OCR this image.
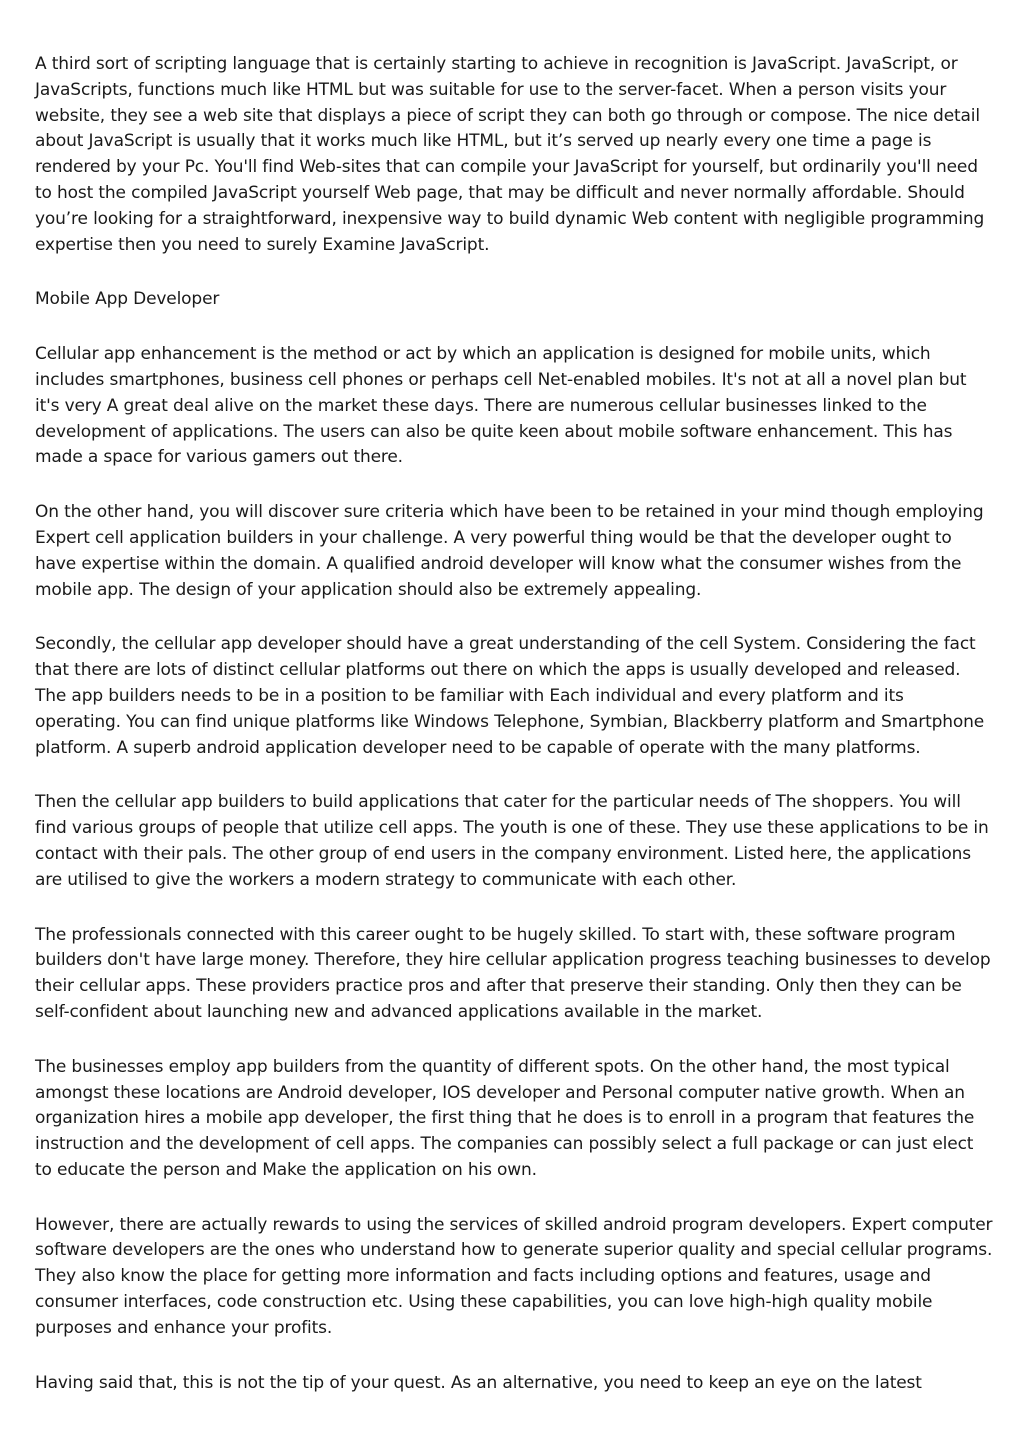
A third sort of scripting language that is certainly starting to achieve in recognition is JavaScript. JavaScript, or JavaScripts, functions much like HTML but was suitable for use to the server-facet. When a person visits your website, they see a web site that displays a piece of script they can both go through or compose. The nice detail about JavaScript is usually that it works much like HTML, but it’s served up nearly every one time a page is rendered by your Pc. You'll find Web-sites that can compile your JavaScript for yourself, but ordinarily you'll need to host the compiled JavaScript yourself Web page, that may be difficult and never normally affordable. Should you’re looking for a straightforward, inexpensive way to build dynamic Web content with negligible programming expertise then you need to surely Examine JavaScript.

Mobile App Developer

Cellular app enhancement is the method or act by which an application is designed for mobile units, which includes smartphones, business cell phones or perhaps cell Net-enabled mobiles. It's not at all a novel plan but it's very A great deal alive on the market these days. There are numerous cellular businesses linked to the development of applications. The users can also be quite keen about mobile software enhancement. This has made a space for various gamers out there.

On the other hand, you will discover sure criteria which have been to be retained in your mind though employing Expert cell application builders in your challenge. A very powerful thing would be that the developer ought to have expertise within the domain. A qualified android developer will know what the consumer wishes from the mobile app. The design of your application should also be extremely appealing.

Secondly, the cellular app developer should have a great understanding of the cell System. Considering the fact that there are lots of distinct cellular platforms out there on which the apps is usually developed and released. The app builders needs to be in a position to be familiar with Each individual and every platform and its operating. You can find unique platforms like Windows Telephone, Symbian, Blackberry platform and Smartphone platform. A superb android application developer need to be capable of operate with the many platforms.

Then the cellular app builders to build applications that cater for the particular needs of The shoppers. You will find various groups of people that utilize cell apps. The youth is one of these. They use these applications to be in contact with their pals. The other group of end users in the company environment. Listed here, the applications are utilised to give the workers a modern strategy to communicate with each other.

The professionals connected with this career ought to be hugely skilled. To start with, these software program builders don't have large money. Therefore, they hire cellular application progress teaching businesses to develop their cellular apps. These providers practice pros and after that preserve their standing. Only then they can be self-confident about launching new and advanced applications available in the market.

The businesses employ app builders from the quantity of different spots. On the other hand, the most typical amongst these locations are Android developer, IOS developer and Personal computer native growth. When an organization hires a mobile app developer, the first thing that he does is to enroll in a program that features the instruction and the development of cell apps. The companies can possibly select a full package or can just elect to educate the person and Make the application on his own.

However, there are actually rewards to using the services of skilled android program developers. Expert computer software developers are the ones who understand how to generate superior quality and special cellular programs. They also know the place for getting more information and facts including options and features, usage and consumer interfaces, code construction etc. Using these capabilities, you can love high-high quality mobile purposes and enhance your profits.

Having said that, this is not the tip of your quest. As an alternative, you need to keep an eye on the latest
